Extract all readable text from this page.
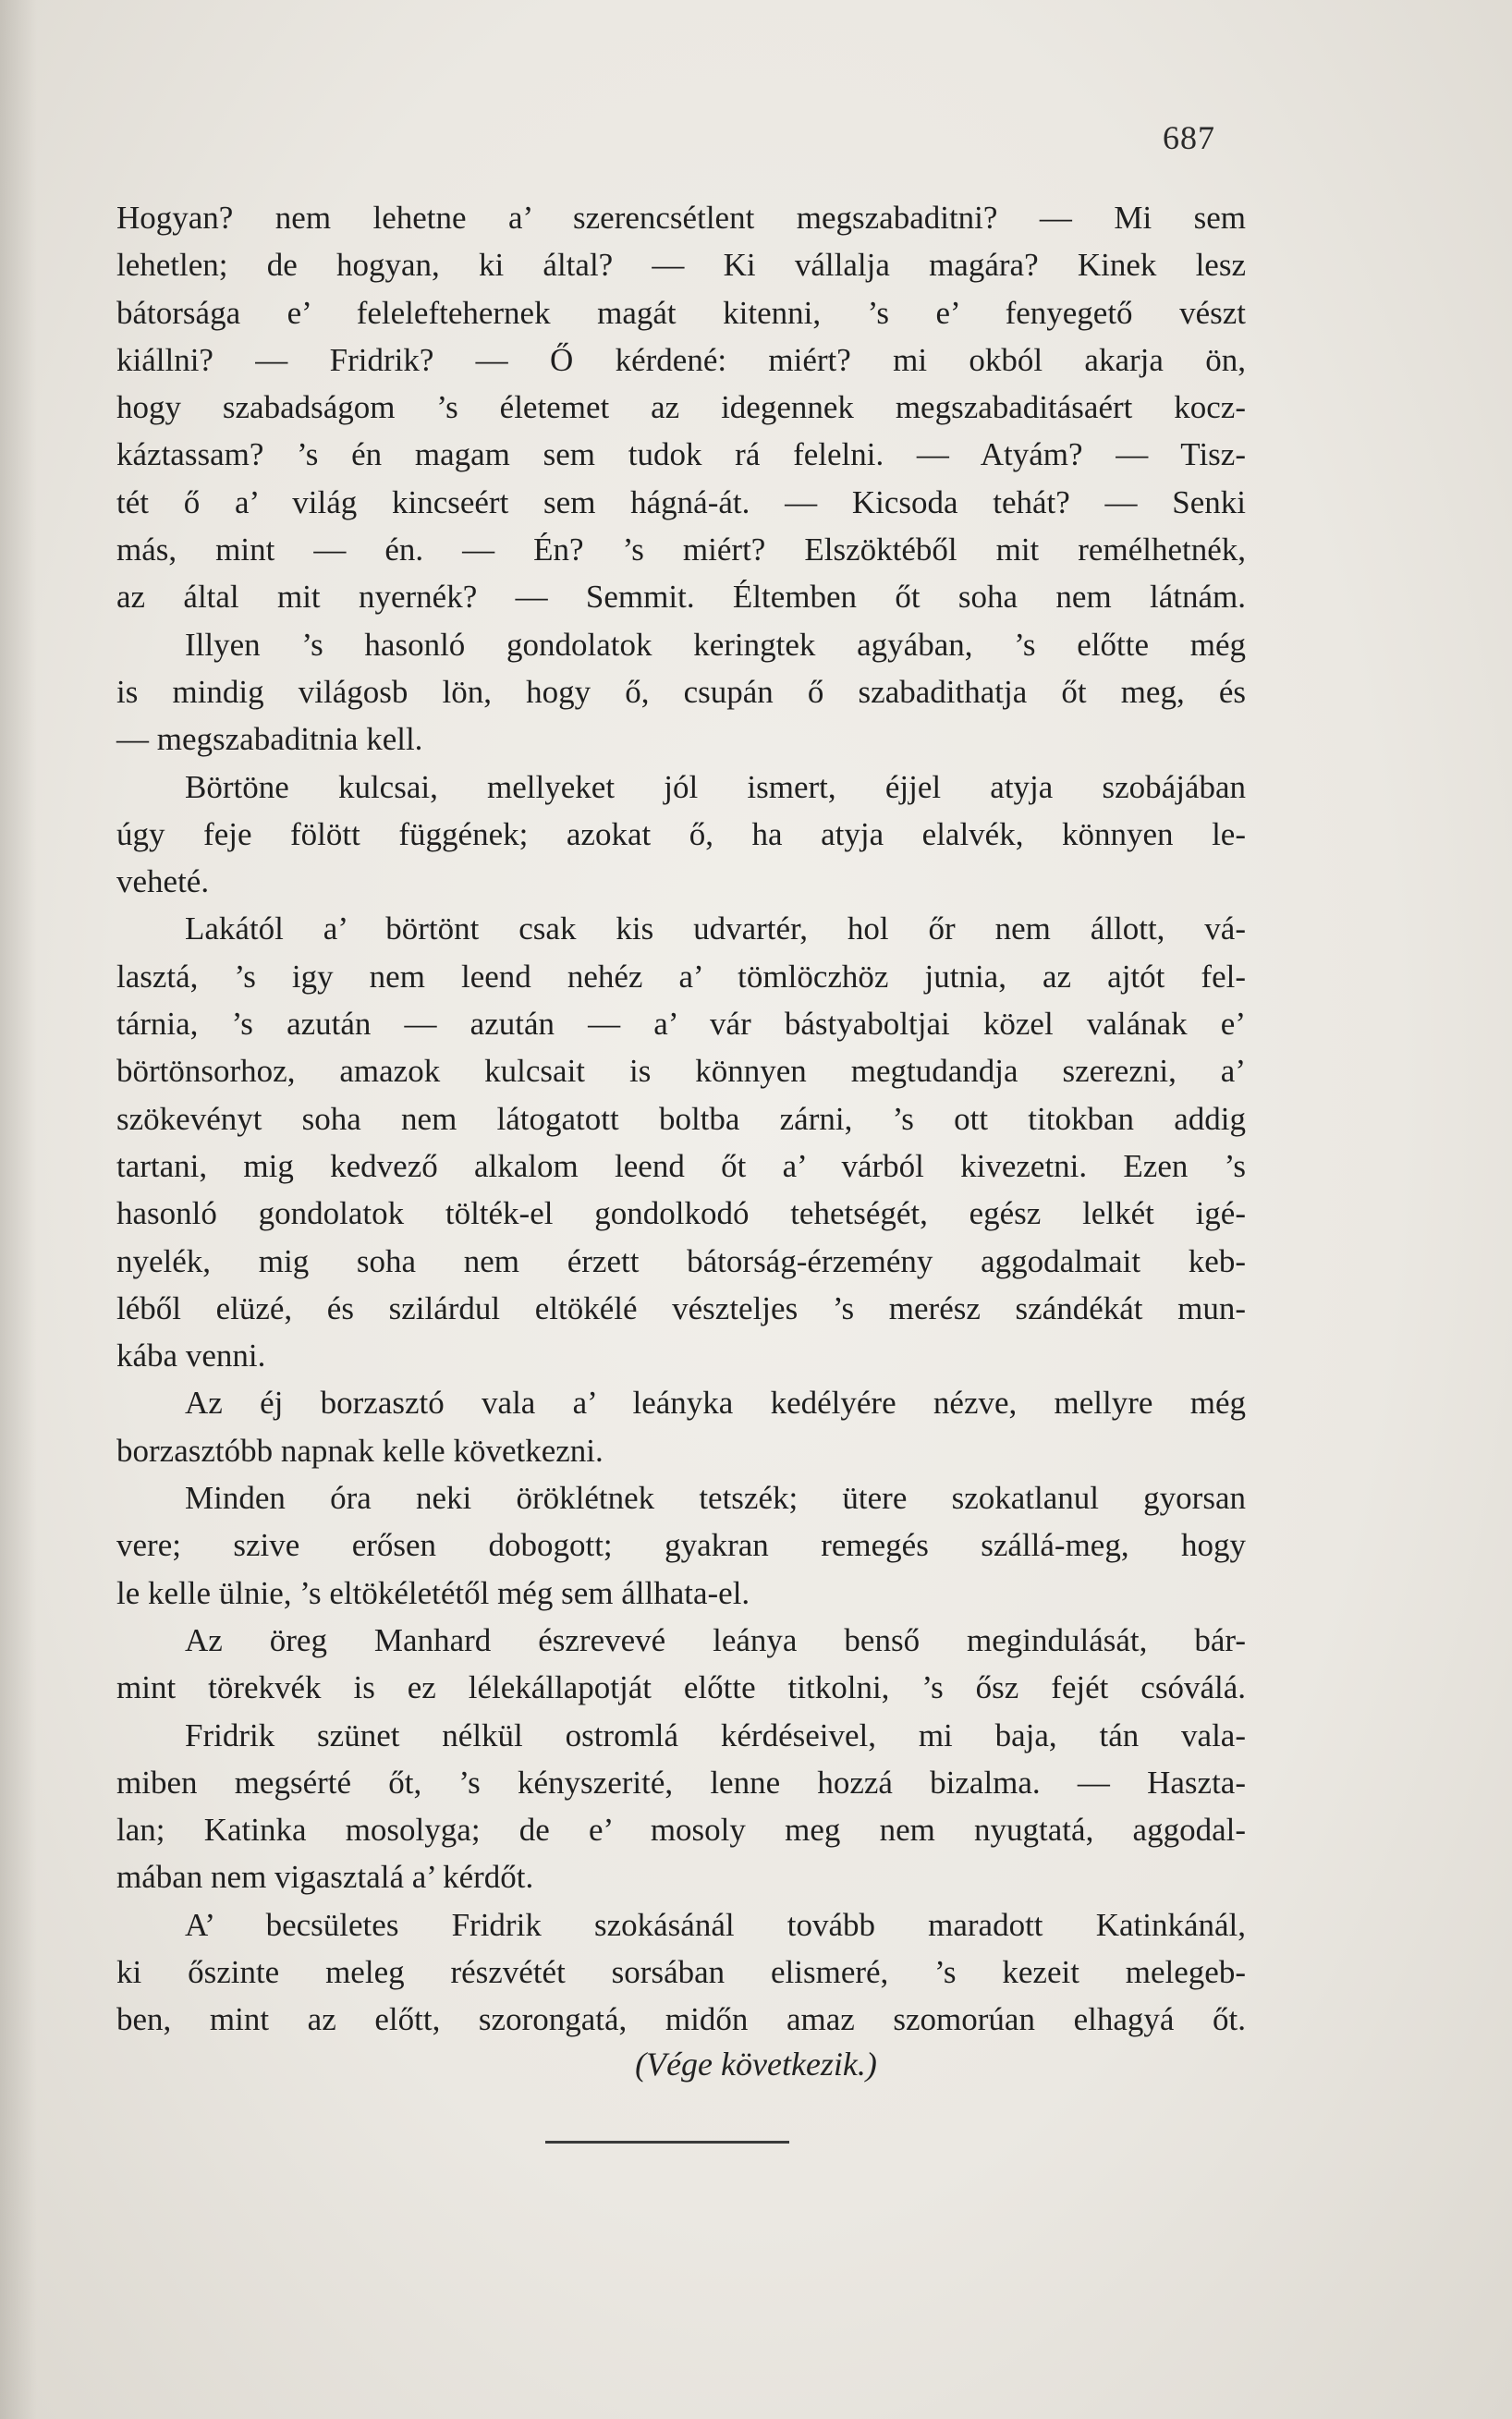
687

Hogyan? nem lehetne a’ szerencsétlent megszabaditni? — Mi sem
lehetlen; de hogyan, ki által? — Ki vállalja magára? Kinek lesz
bátorsága e’ feleleftehernek magát kitenni, ’s e’ fenyegető vészt
kiállni? — Fridrik? — Ő kérdené: miért? mi okból akarja ön,
hogy szabadságom ’s életemet az idegennek megszabaditásaért kocz-
káztassam? ’s én magam sem tudok rá felelni. — Atyám? — Tisz-
tét ő a’ világ kincseért sem hágná-át. — Kicsoda tehát? — Senki
más, mint — én. — Én? ’s miért? Elszöktéből mit remélhetnék,
az által mit nyernék? — Semmit. Éltemben őt soha nem látnám.

Illyen ’s hasonló gondolatok keringtek agyában, ’s előtte még
is mindig világosb lön, hogy ő, csupán ő szabadithatja őt meg, és
— megszabaditnia kell.

Börtöne kulcsai, mellyeket jól ismert, éjjel atyja szobájában
úgy feje fölött függének; azokat ő, ha atyja elalvék, könnyen le-
veheté.

Lakától a’ börtönt csak kis udvartér, hol őr nem állott, vá-
lasztá, ’s igy nem leend nehéz a’ tömlöczhöz jutnia, az ajtót fel-
tárnia, ’s azután — azután — a’ vár bástyaboltjai közel valának e’
börtönsorhoz, amazok kulcsait is könnyen megtudandja szerezni, a’
szökevényt soha nem látogatott boltba zárni, ’s ott titokban addig
tartani, mig kedvező alkalom leend őt a’ várból kivezetni. Ezen ’s
hasonló gondolatok tölték-el gondolkodó tehetségét, egész lelkét igé-
nyelék, mig soha nem érzett bátorság-érzemény aggodalmait keb-
léből elüzé, és szilárdul eltökélé vészteljes ’s merész szándékát mun-
kába venni.

Az éj borzasztó vala a’ leányka kedélyére nézve, mellyre még
borzasztóbb napnak kelle következni.

Minden óra neki öröklétnek tetszék; ütere szokatlanul gyorsan
vere; szive erősen dobogott; gyakran remegés szállá-meg, hogy
le kelle ülnie, ’s eltökéletétől még sem állhata-el.

Az öreg Manhard észrevevé leánya benső megindulását, bár-
mint törekvék is ez lélekállapotját előtte titkolni, ’s ősz fejét csóválá.

Fridrik szünet nélkül ostromlá kérdéseivel, mi baja, tán vala-
miben megsérté őt, ’s kényszerité, lenne hozzá bizalma. — Haszta-
lan; Katinka mosolyga; de e’ mosoly meg nem nyugtatá, aggodal-
mában nem vigasztalá a’ kérdőt.

A’ becsületes Fridrik szokásánál tovább maradott Katinkánál,
ki őszinte meleg részvétét sorsában elismeré, ’s kezeit melegeb-
ben, mint az előtt, szorongatá, midőn amaz szomorúan elhagyá őt.

(Vége következik.)
